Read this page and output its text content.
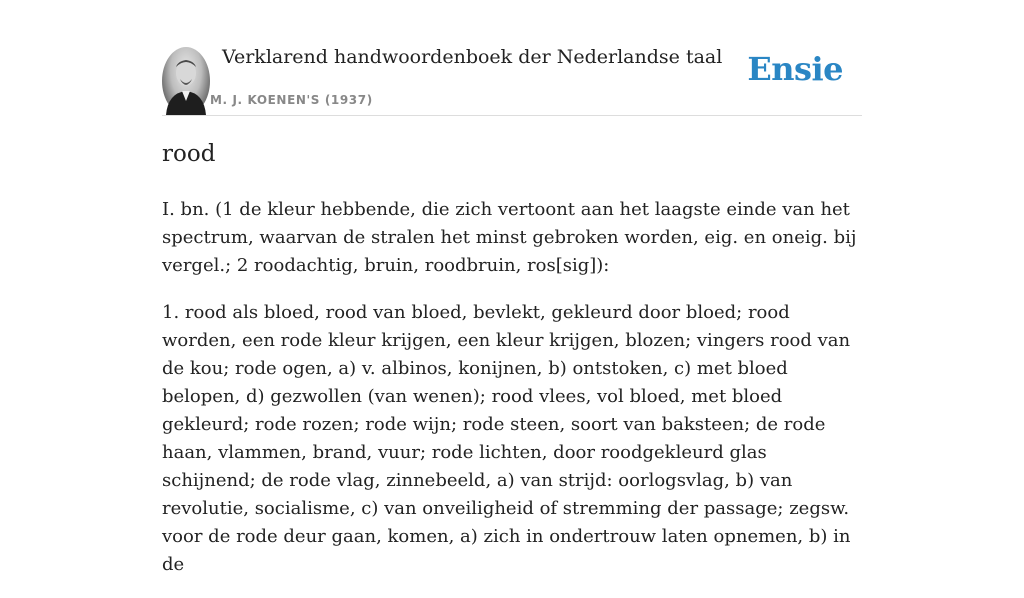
Verklarend handwoordenboek der Nederlandse taal
M. J. KOENEN'S (1937)
Ensie
rood

I. bn. (1 de kleur hebbende, die zich vertoont aan het laagste einde van het spectrum, waarvan de stralen het minst gebroken worden, eig. en oneig. bij vergel.; 2 roodachtig, bruin, roodbruin, ros[sig]):

1. rood als bloed, rood van bloed, bevlekt, gekleurd door bloed; rood worden, een rode kleur krijgen, een kleur krijgen, blozen; vingers rood van de kou; rode ogen, a) v. albinos, konijnen, b) ontstoken, c) met bloed belopen, d) gezwollen (van wenen); rood vlees, vol bloed, met bloed gekleurd; rode rozen; rode wijn; rode steen, soort van baksteen; de rode haan, vlammen, brand, vuur; rode lichten, door roodgekleurd glas schijnend; de rode vlag, zinnebeeld, a) van strijd: oorlogsvlag, b) van revolutie, socialisme, c) van onveiligheid of stremming der passage; zegsw. voor de rode deur gaan, komen, a) zich in ondertrouw laten opnemen, b) in de
